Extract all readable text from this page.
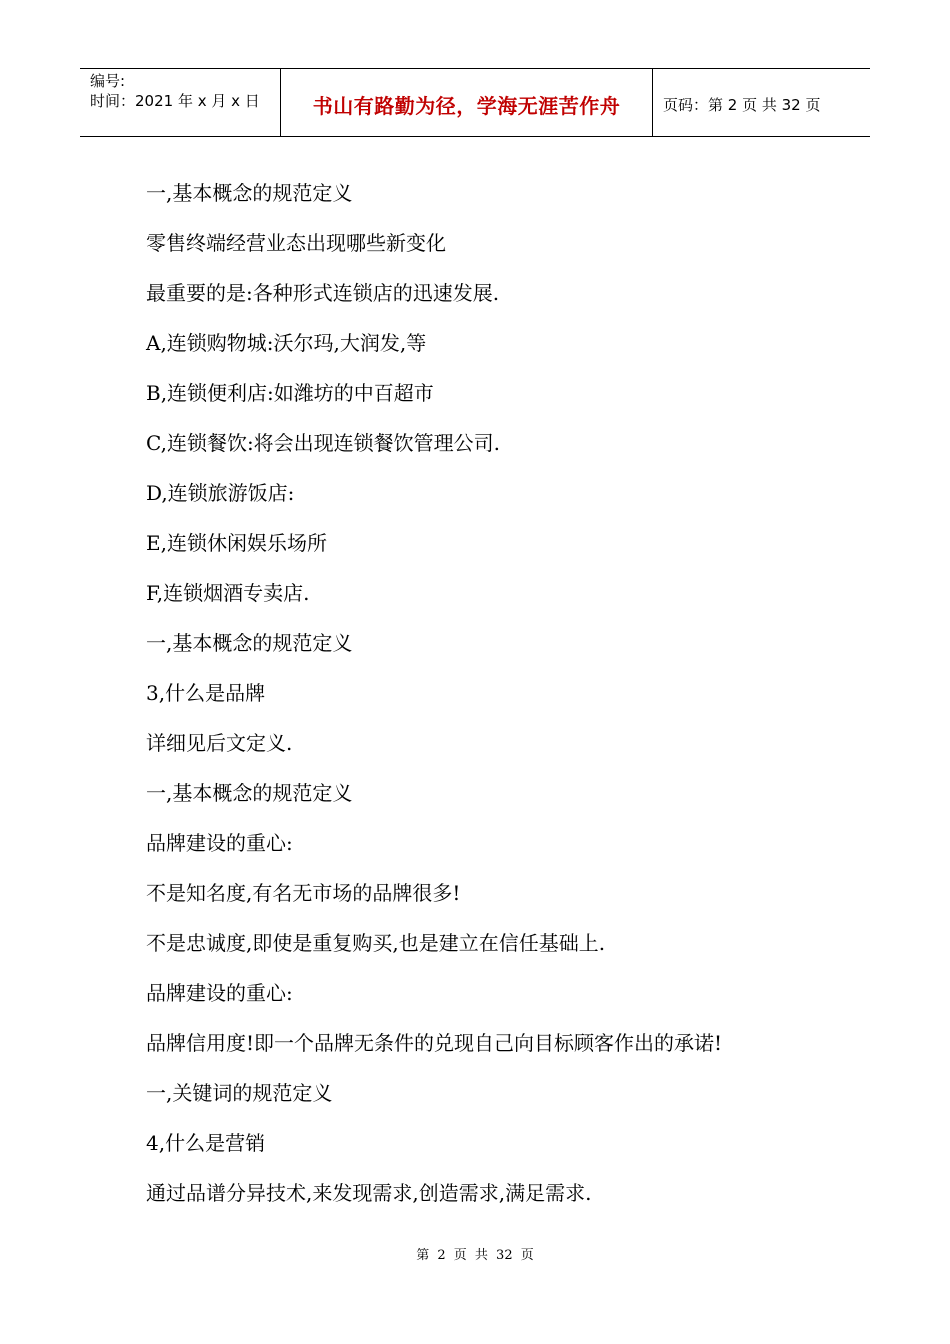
编号:
时间：2021 年 x 月 x 日	书山有路勤为径，学海无涯苦作舟	页码：第 2 页 共 32 页
一,基本概念的规范定义
零售终端经营业态出现哪些新变化
最重要的是:各种形式连锁店的迅速发展.
A,连锁购物城:沃尔玛,大润发,等
B,连锁便利店:如潍坊的中百超市
C,连锁餐饮:将会出现连锁餐饮管理公司.
D,连锁旅游饭店:
E,连锁休闲娱乐场所
F,连锁烟酒专卖店.
一,基本概念的规范定义
3,什么是品牌
详细见后文定义.
一,基本概念的规范定义
品牌建设的重心:
不是知名度,有名无市场的品牌很多!
不是忠诚度,即使是重复购买,也是建立在信任基础上.
品牌建设的重心:
品牌信用度!即一个品牌无条件的兑现自己向目标顾客作出的承诺!
一,关键词的规范定义
4,什么是营销
通过品谱分异技术,来发现需求,创造需求,满足需求.
第 2 页 共 32 页
